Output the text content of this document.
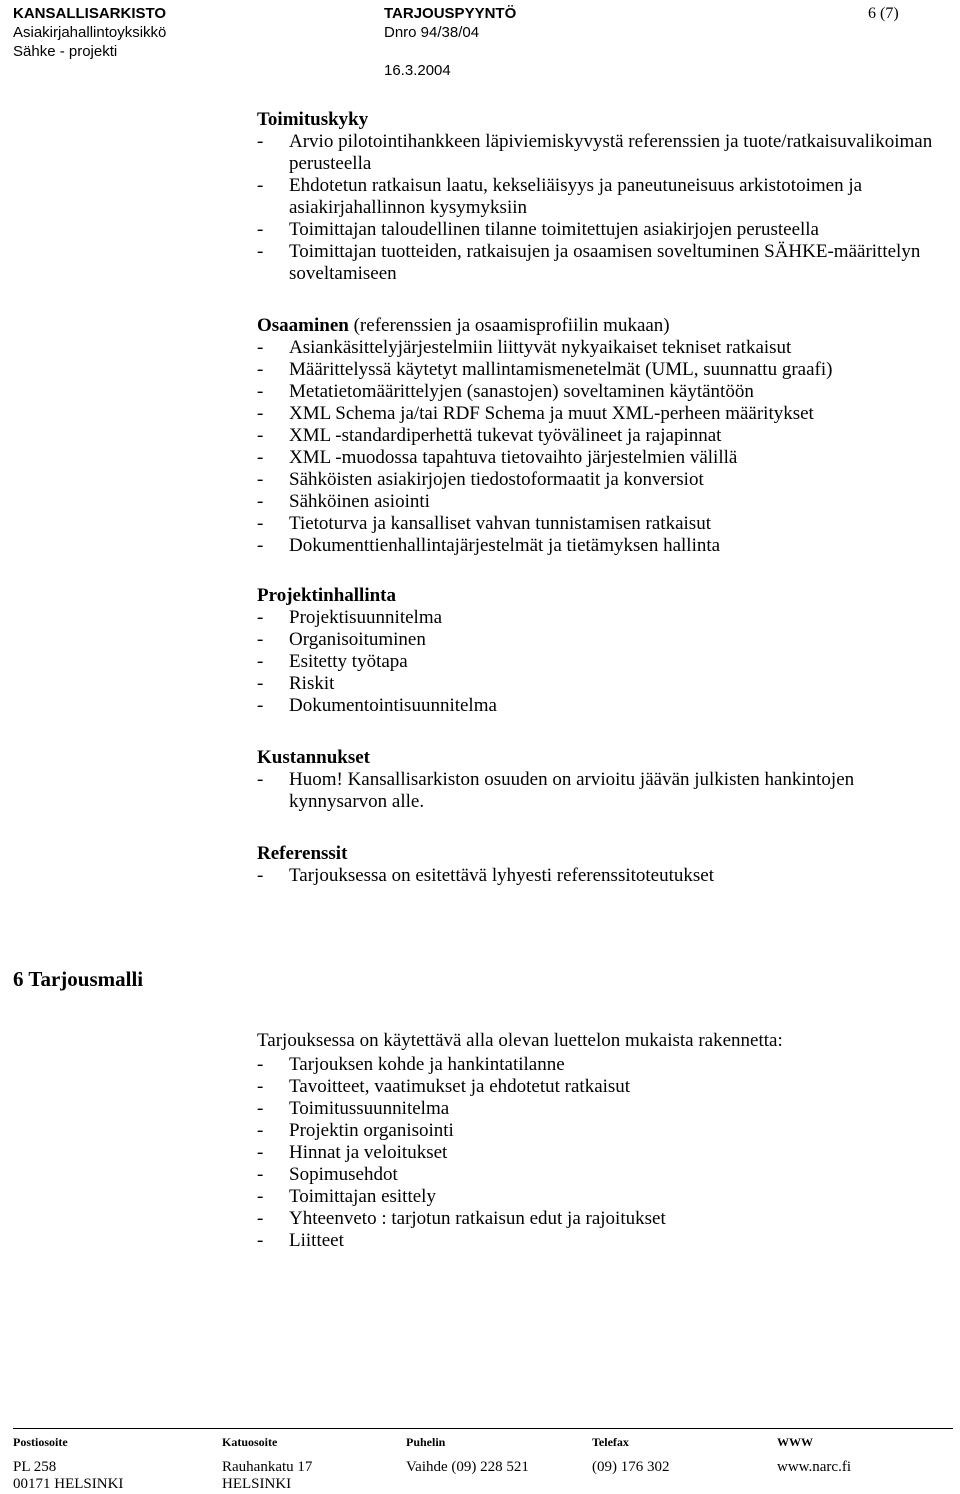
KANSALLISARKISTO
Asiakirjahallintoyksikkö
Sähke - projekti
TARJOUSPYYNTÖ
Dnro 94/38/04
16.3.2004
6 (7)
Toimituskyky
- Arvio pilotointihankkeen läpiviemiskyvystä referenssien ja tuote/ratkaisuvalikoiman perusteella
- Ehdotetun ratkaisun laatu, kekseliäisyys ja paneutuneisuus arkistotoimen ja asiakirjahallinnon kysymyksiin
- Toimittajan taloudellinen tilanne toimitettujen asiakirjojen perusteella
- Toimittajan tuotteiden, ratkaisujen ja osaamisen soveltuminen SÄHKE-määrittelyn soveltamiseen
Osaaminen (referenssien ja osaamisprofiilin mukaan)
- Asiankäsittelyjärjestelmiin liittyvät nykyaikaiset tekniset ratkaisut
- Määrittelyssä käytetyt mallintamismenetelmät (UML, suunnattu graafi)
- Metatietomäärittelyjen (sanastojen) soveltaminen käytäntöön
- XML Schema ja/tai RDF Schema ja muut XML-perheen määritykset
- XML -standardiperhettä tukevat työvälineet ja rajapinnat
- XML -muodossa tapahtuva tietovaihto järjestelmien välillä
- Sähköisten asiakirjojen tiedostoformaatit ja konversiot
- Sähköinen asiointi
- Tietoturva ja kansalliset vahvan tunnistamisen ratkaisut
- Dokumenttienhallintajärjestelmät ja tietämyksen hallinta
Projektinhallinta
- Projektisuunnitelma
- Organisoituminen
- Esitetty työtapa
- Riskit
- Dokumentointisuunnitelma
Kustannukset
- Huom! Kansallisarkiston osuuden on arvioitu jäävän julkisten hankintojen kynnysarvon alle.
Referenssit
- Tarjouksessa on esitettävä lyhyesti referenssitoteutukset
6 Tarjousmalli
Tarjouksessa on käytettävä alla olevan luettelon mukaista rakennetta:
- Tarjouksen kohde ja hankintatilanne
- Tavoitteet, vaatimukset ja ehdotetut ratkaisut
- Toimitussuunnitelma
- Projektin organisointi
- Hinnat ja veloitukset
- Sopimusehdot
- Toimittajan esittely
- Yhteenveto : tarjotun ratkaisun edut ja rajoitukset
- Liitteet
Postiosoite
PL 258
00171 HELSINKI
Katuosoite
Rauhankatu 17
HELSINKI
Puhelin
Vaihde (09) 228 521
Telefax
(09) 176 302
WWW
www.narc.fi
